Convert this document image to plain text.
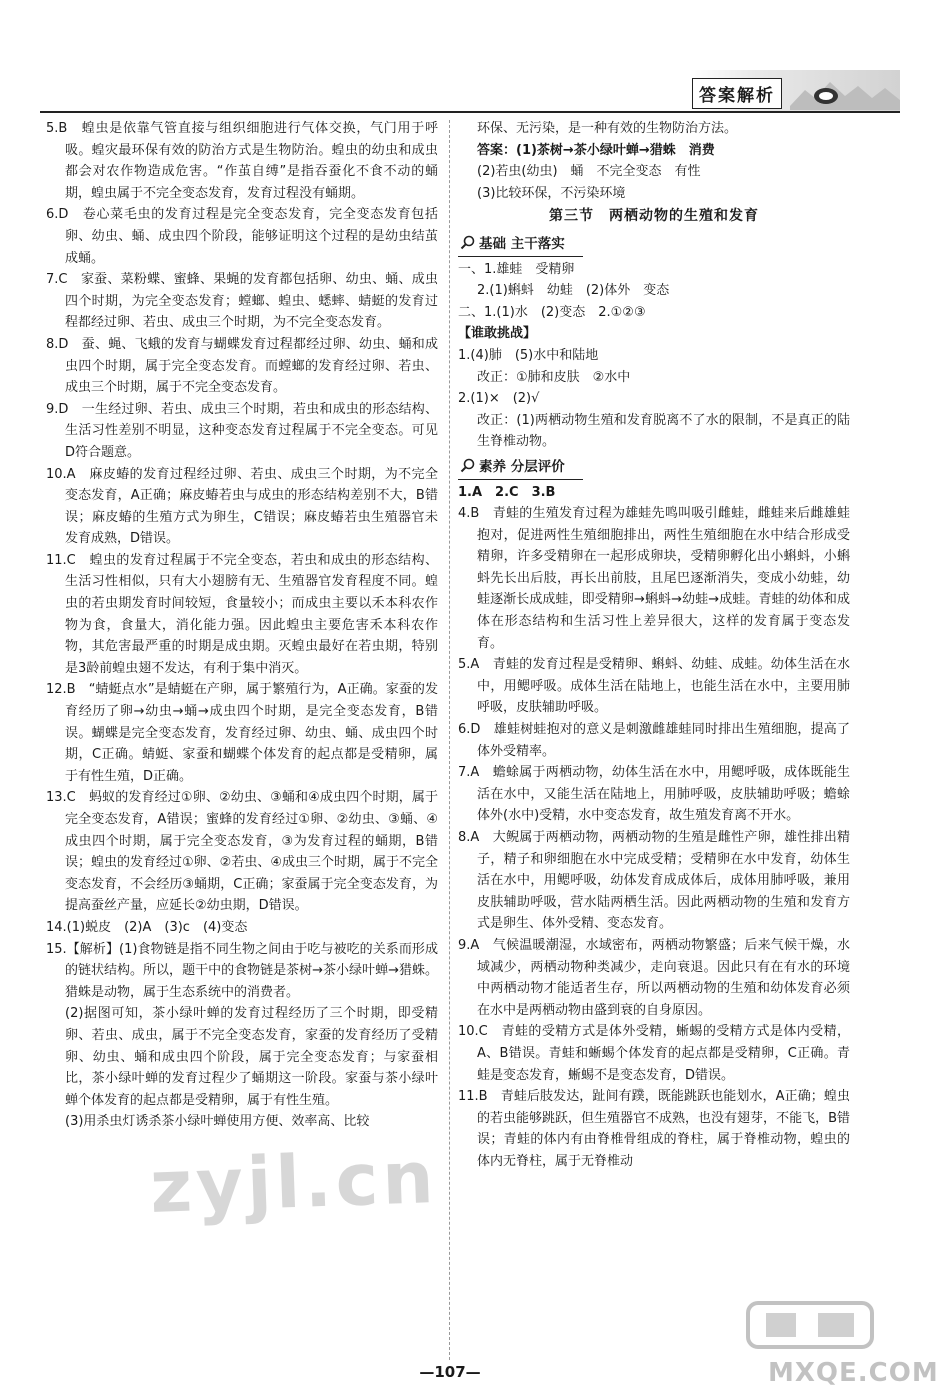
答案解析

5.B　蝗虫是依靠气管直接与组织细胞进行气体交换，气门用于呼吸。蝗灾最环保有效的防治方式是生物防治。蝗虫的幼虫和成虫都会对农作物造成危害。“作茧自缚”是指吞蚕化不食不动的蛹期，蝗虫属于不完全变态发育，发育过程没有蛹期。

6.D　卷心菜毛虫的发育过程是完全变态发育，完全变态发育包括卵、幼虫、蛹、成虫四个阶段，能够证明这个过程的是幼虫结茧成蛹。

7.C　家蚕、菜粉蝶、蜜蜂、果蝇的发育都包括卵、幼虫、蛹、成虫四个时期，为完全变态发育；螳螂、蝗虫、蟋蟀、蜻蜓的发育过程都经过卵、若虫、成虫三个时期，为不完全变态发育。

8.D　蚕、蝇、飞蛾的发育与蝴蝶发育过程都经过卵、幼虫、蛹和成虫四个时期，属于完全变态发育。而螳螂的发育经过卵、若虫、成虫三个时期，属于不完全变态发育。

9.D　一生经过卵、若虫、成虫三个时期，若虫和成虫的形态结构、生活习性差别不明显，这种变态发育过程属于不完全变态。可见D符合题意。

10.A　麻皮蝽的发育过程经过卵、若虫、成虫三个时期，为不完全变态发育，A正确；麻皮蝽若虫与成虫的形态结构差别不大，B错误；麻皮蝽的生殖方式为卵生，C错误；麻皮蝽若虫生殖器官未发育成熟，D错误。

11.C　蝗虫的发育过程属于不完全变态，若虫和成虫的形态结构、生活习性相似，只有大小翅膀有无、生殖器官发育程度不同。蝗虫的若虫期发育时间较短，食量较小；而成虫主要以禾本科农作物为食，食量大，消化能力强。因此蝗虫主要危害禾本科农作物，其危害最严重的时期是成虫期。灭蝗虫最好在若虫期，特别是3龄前蝗虫翅不发达，有利于集中消灭。

12.B　“蜻蜓点水”是蜻蜓在产卵，属于繁殖行为，A正确。家蚕的发育经历了卵→幼虫→蛹→成虫四个时期，是完全变态发育，B错误。蝴蝶是完全变态发育，发育经过卵、幼虫、蛹、成虫四个时期，C正确。蜻蜓、家蚕和蝴蝶个体发育的起点都是受精卵，属于有性生殖，D正确。

13.C　蚂蚁的发育经过①卵、②幼虫、③蛹和④成虫四个时期，属于完全变态发育，A错误；蜜蜂的发育经过①卵、②幼虫、③蛹、④成虫四个时期，属于完全变态发育，③为发育过程的蛹期，B错误；蝗虫的发育经过①卵、②若虫、④成虫三个时期，属于不完全变态发育，不会经历③蛹期，C正确；家蚕属于完全变态发育，为提高蚕丝产量，应延长②幼虫期，D错误。

14.(1)蜕皮　(2)A　(3)c　(4)变态

15.【解析】(1)食物链是指不同生物之间由于吃与被吃的关系而形成的链状结构。所以，题干中的食物链是茶树→茶小绿叶蝉→猎蛛。猎蛛是动物，属于生态系统中的消费者。

(2)据图可知，茶小绿叶蝉的发育过程经历了三个时期，即受精卵、若虫、成虫，属于不完全变态发育，家蚕的发育经历了受精卵、幼虫、蛹和成虫四个阶段，属于完全变态发育；与家蚕相比，茶小绿叶蝉的发育过程少了蛹期这一阶段。家蚕与茶小绿叶蝉个体发育的起点都是受精卵，属于有性生殖。

(3)用杀虫灯诱杀茶小绿叶蝉使用方便、效率高、比较

环保、无污染，是一种有效的生物防治方法。

答案：(1)茶树→茶小绿叶蝉→猎蛛　消费

(2)若虫(幼虫)　蛹　不完全变态　有性

(3)比较环保，不污染环境

第三节　两栖动物的生殖和发育
基础 主干落实

一、1.雄蛙　受精卵

2.(1)蝌蚪　幼蛙　(2)体外　变态

二、1.(1)水　(2)变态　2.①②③

【谁敢挑战】

1.(4)肺　(5)水中和陆地

改正：①肺和皮肤　②水中

2.(1)×　(2)√

改正：(1)两栖动物生殖和发育脱离不了水的限制，不是真正的陆生脊椎动物。

素养 分层评价

1.A　2.C　3.B

4.B　青蛙的生殖发育过程为雄蛙先鸣叫吸引雌蛙，雌蛙来后雌雄蛙抱对，促进两性生殖细胞排出，两性生殖细胞在水中结合形成受精卵，许多受精卵在一起形成卵块，受精卵孵化出小蝌蚪，小蝌蚪先长出后肢，再长出前肢，且尾巴逐渐消失，变成小幼蛙，幼蛙逐渐长成成蛙，即受精卵→蝌蚪→幼蛙→成蛙。青蛙的幼体和成体在形态结构和生活习性上差异很大，这样的发育属于变态发育。

5.A　青蛙的发育过程是受精卵、蝌蚪、幼蛙、成蛙。幼体生活在水中，用鳃呼吸。成体生活在陆地上，也能生活在水中，主要用肺呼吸，皮肤辅助呼吸。

6.D　雄蛙树蛙抱对的意义是刺激雌雄蛙同时排出生殖细胞，提高了体外受精率。

7.A　蟾蜍属于两栖动物，幼体生活在水中，用鳃呼吸，成体既能生活在水中，又能生活在陆地上，用肺呼吸，皮肤辅助呼吸；蟾蜍体外(水中)受精，水中变态发育，故生殖发育离不开水。

8.A　大鲵属于两栖动物，两栖动物的生殖是雌性产卵，雄性排出精子，精子和卵细胞在水中完成受精；受精卵在水中发育，幼体生活在水中，用鳃呼吸，幼体发育成成体后，成体用肺呼吸，兼用皮肤辅助呼吸，营水陆两栖生活。因此两栖动物的生殖和发育方式是卵生、体外受精、变态发育。

9.A　气候温暖潮湿，水域密布，两栖动物繁盛；后来气候干燥，水域减少，两栖动物种类减少，走向衰退。因此只有在有水的环境中两栖动物才能适者生存，所以两栖动物的生殖和幼体发育必须在水中是两栖动物由盛到衰的自身原因。

10.C　青蛙的受精方式是体外受精，蜥蜴的受精方式是体内受精，A、B错误。青蛙和蜥蜴个体发育的起点都是受精卵，C正确。青蛙是变态发育，蜥蜴不是变态发育，D错误。

11.B　青蛙后肢发达，趾间有蹼，既能跳跃也能划水，A正确；蝗虫的若虫能够跳跃，但生殖器官不成熟，也没有翅芽，不能飞，B错误；青蛙的体内有由脊椎骨组成的脊柱，属于脊椎动物，蝗虫的体内无脊柱，属于无脊椎动

zyjl.cn
—107—	MXQE.COM
